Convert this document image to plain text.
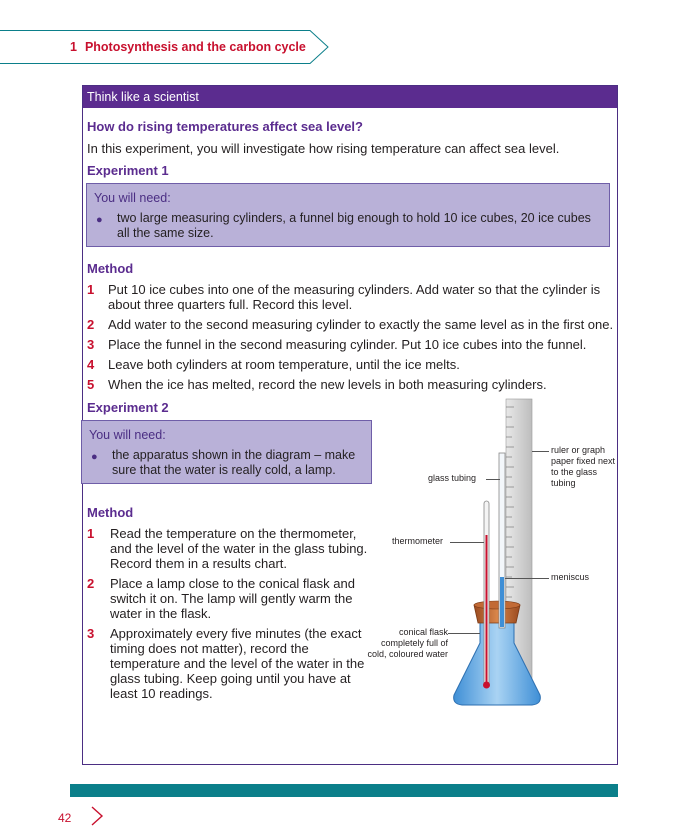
1 Photosynthesis and the carbon cycle
Think like a scientist
How do rising temperatures affect sea level?
In this experiment, you will investigate how rising temperature can affect sea level.
Experiment 1
You will need:
● two large measuring cylinders, a funnel big enough to hold 10 ice cubes, 20 ice cubes all the same size.
Method
1 Put 10 ice cubes into one of the measuring cylinders. Add water so that the cylinder is about three quarters full. Record this level.
2 Add water to the second measuring cylinder to exactly the same level as in the first one.
3 Place the funnel in the second measuring cylinder. Put 10 ice cubes into the funnel.
4 Leave both cylinders at room temperature, until the ice melts.
5 When the ice has melted, record the new levels in both measuring cylinders.
Experiment 2
You will need:
● the apparatus shown in the diagram – make sure that the water is really cold, a lamp.
Method
1 Read the temperature on the thermometer, and the level of the water in the glass tubing. Record them in a results chart.
2 Place a lamp close to the conical flask and switch it on. The lamp will gently warm the water in the flask.
3 Approximately every five minutes (the exact timing does not matter), record the temperature and the level of the water in the glass tubing. Keep going until you have at least 10 readings.
glass tubing
thermometer
conical flask completely full of cold, coloured water
ruler or graph paper fixed next to the glass tubing
meniscus
42
